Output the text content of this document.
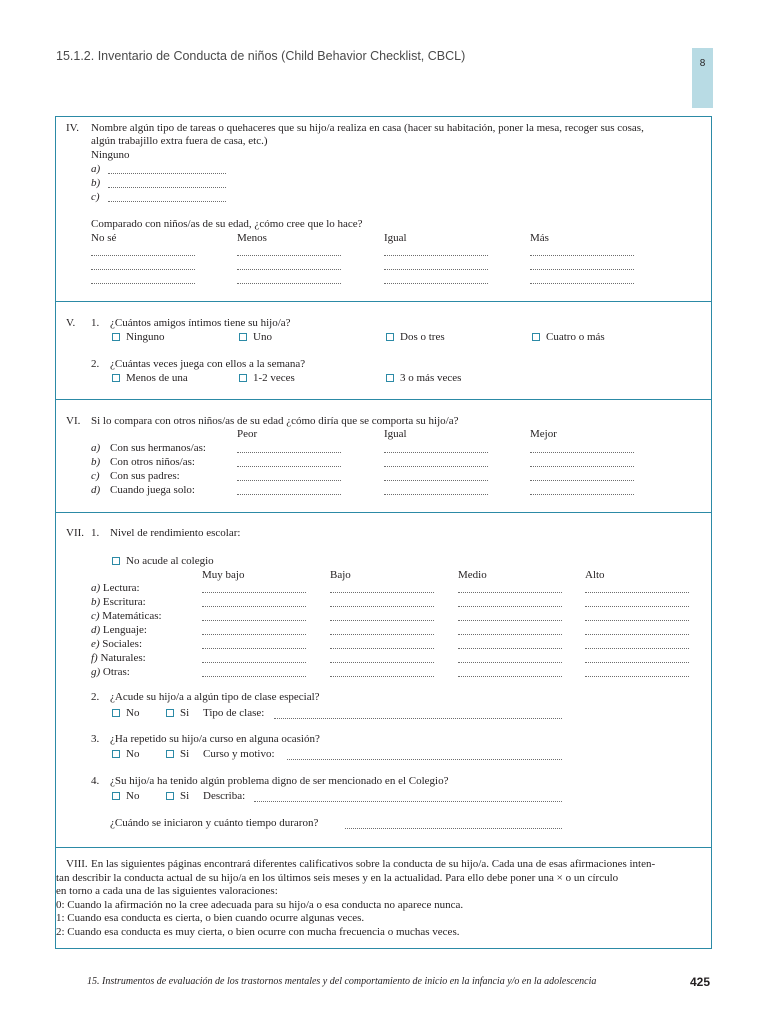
15.1.2. Inventario de Conducta de niños (Child Behavior Checklist, CBCL)
8
IV. Nombre algún tipo de tareas o quehaceres que su hijo/a realiza en casa (hacer su habitación, poner la mesa, recoger sus cosas,
algún trabajillo extra fuera de casa, etc.)
Ninguno
a)
b)
c)
Comparado con niños/as de su edad, ¿cómo cree que lo hace?
No sé	Menos	Igual	Más
V. 1. ¿Cuántos amigos íntimos tiene su hijo/a?
Ninguno	Uno	Dos o tres	Cuatro o más
2. ¿Cuántas veces juega con ellos a la semana?
Menos de una	1-2 veces	3 o más veces
VI. Si lo compara con otros niños/as de su edad ¿cómo diría que se comporta su hijo/a?
Peor	Igual	Mejor
a) Con sus hermanos/as:
b) Con otros niños/as:
c) Con sus padres:
d) Cuando juega solo:
VII. 1. Nivel de rendimiento escolar:
No acude al colegio
Muy bajo	Bajo	Medio	Alto
a) Lectura:
b) Escritura:
c) Matemáticas:
d) Lenguaje:
e) Sociales:
f) Naturales:
g) Otras:
2. ¿Acude su hijo/a a algún tipo de clase especial?
No	Si Tipo de clase:
3. ¿Ha repetido su hijo/a curso en alguna ocasión?
No	Si Curso y motivo:
4. ¿Su hijo/a ha tenido algún problema digno de ser mencionado en el Colegio?
No	Si Describa:
¿Cuándo se iniciaron y cuánto tiempo duraron?
VIII. En las siguientes páginas encontrará diferentes calificativos sobre la conducta de su hijo/a. Cada una de esas afirmaciones inten-
tan describir la conducta actual de su hijo/a en los últimos seis meses y en la actualidad. Para ello debe poner una × o un círculo
en torno a cada una de las siguientes valoraciones:
0: Cuando la afirmación no la cree adecuada para su hijo/a o esa conducta no aparece nunca.
1: Cuando esa conducta es cierta, o bien cuando ocurre algunas veces.
2: Cuando esa conducta es muy cierta, o bien ocurre con mucha frecuencia o muchas veces.
15. Instrumentos de evaluación de los trastornos mentales y del comportamiento de inicio en la infancia y/o en la adolescencia	425
